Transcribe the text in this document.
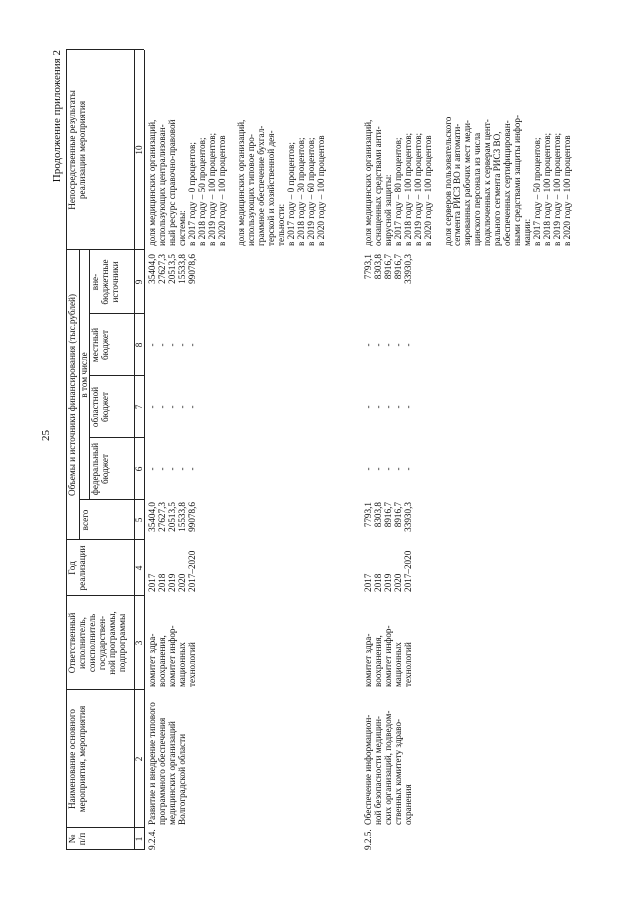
25
Продолжение приложения 2
№
п/п
Наименование основного
мероприятия, мероприятия
Ответственный
исполнитель,
соисполнитель
государствен-
ной программы,
подпрограммы
Год
реализации
Объемы и источники финансирования (тыс.рублей)
всего
в том числе
федеральный
бюджет
областной
бюджет
местный
бюджет
вне-
бюджетные
источники
Непосредственные результаты
реализации мероприятия
1
2
3
4
5
6
7
8
9
10
9.2.4.
Развитие и внедрение типового
программного обеспечения
медицинских организаций
Волгоградской области
комитет здра-
воохранения,
комитет инфор-
мационных
технологий
2017
2018
2019
2020
2017–2020
35404,0
27627,3
20513,5
15533,8
99078,6
-
-
-
-
-
-
-
-
-
-
-
-
-
-
-
35404,0
27627,3
20513,5
15533,8
99078,6
доля медицинских организаций,
использующих централизован-
ный ресурс справочно-правовой
системы:
в 2017 году – 0 процентов;
в 2018 году – 50 процентов;
в 2019 году – 100 процентов;
в 2020 году – 100 процентов

доля медицинских организаций,
использующих типовое про-
граммное обеспечение бухгал-
терской и хозяйственной дея-
тельности:
в 2017 году – 0 процентов;
в 2018 году – 30 процентов;
в 2019 году – 60 процентов;
в 2020 году – 100 процентов
9.2.5.
Обеспечение информацион-
ной безопасности медицин-
ских организаций, подведом-
ственных комитету здраво-
охранения
комитет здра-
воохранения,
комитет инфор-
мационных
технологий
2017
2018
2019
2020
2017–2020
7793,1
8303,8
8916,7
8916,7
33930,3
-
-
-
-
-
-
-
-
-
-
-
-
-
-
-
7793,1
8303,8
8916,7
8916,7
33930,3
доля медицинских организаций,
оснащенных средствами анти-
вирусной защиты:
в 2017 году – 80 процентов;
в 2018 году – 100 процентов;
в 2019 году – 100 процентов;
в 2020 году – 100 процентов

доля серверов пользовательского
сегмента РИСЗ ВО и автомати-
зированных рабочих мест меди-
цинского персонала из числа
подключенных к серверам цент-
рального сегмента РИСЗ ВО,
обеспеченных сертифицирован-
ными средствами защиты инфор-
мации:
в 2017 году – 50 процентов;
в 2018 году – 100 процентов;
в 2019 году – 100 процентов;
в 2020 году – 100 процентов
